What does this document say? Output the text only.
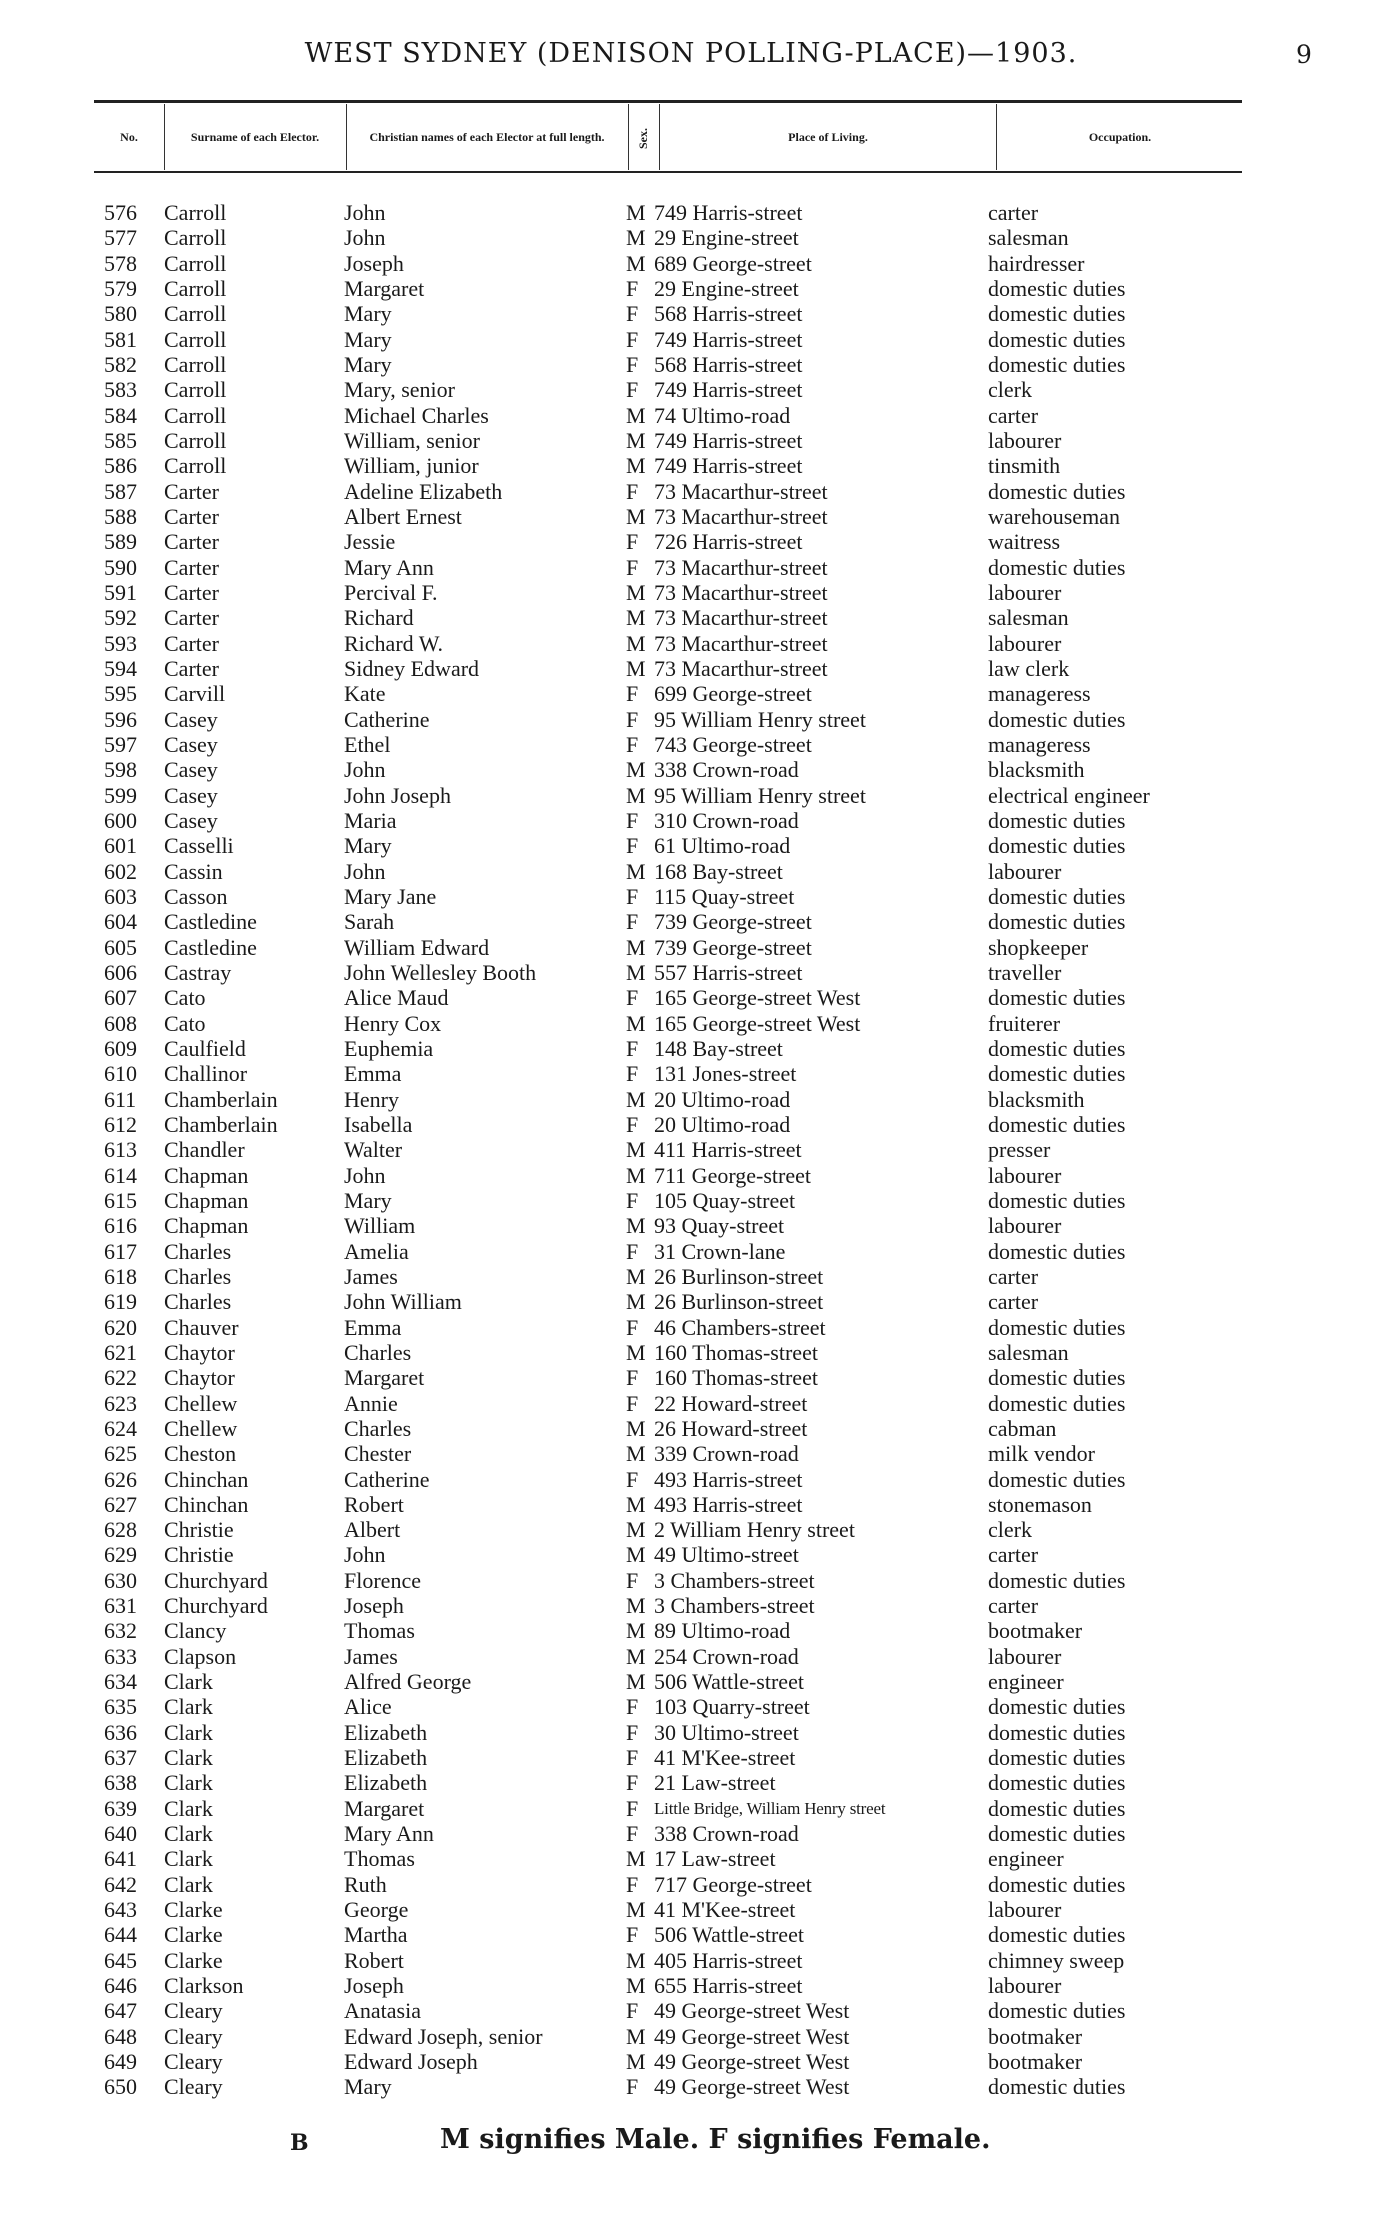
WEST SYDNEY (DENISON POLLING-PLACE)—1903.	9
No.	Surname of each Elector.	Christian names of each Elector at full length.	Sex.	Place of Living.	Occupation.
576 Carroll	John	M 749 Harris-street	carter
577 Carroll	John	M 29 Engine-street	salesman
578 Carroll	Joseph	M 689 George-street	hairdresser
579 Carroll	Margaret	F 29 Engine-street	domestic duties
580 Carroll	Mary	F 568 Harris-street	domestic duties
581 Carroll	Mary	F 749 Harris-street	domestic duties
582 Carroll	Mary	F 568 Harris-street	domestic duties
583 Carroll	Mary, senior	F 749 Harris-street	clerk
584 Carroll	Michael Charles	M 74 Ultimo-road	carter
585 Carroll	William, senior	M 749 Harris-street	labourer
586 Carroll	William, junior	M 749 Harris-street	tinsmith
587 Carter	Adeline Elizabeth	F 73 Macarthur-street	domestic duties
588 Carter	Albert Ernest	M 73 Macarthur-street	warehouseman
589 Carter	Jessie	F 726 Harris-street	waitress
590 Carter	Mary Ann	F 73 Macarthur-street	domestic duties
591 Carter	Percival F.	M 73 Macarthur-street	labourer
592 Carter	Richard	M 73 Macarthur-street	salesman
593 Carter	Richard W.	M 73 Macarthur-street	labourer
594 Carter	Sidney Edward	M 73 Macarthur-street	law clerk
595 Carvill	Kate	F 699 George-street	manageress
596 Casey	Catherine	F 95 William Henry street	domestic duties
597 Casey	Ethel	F 743 George-street	manageress
598 Casey	John	M 338 Crown-road	blacksmith
599 Casey	John Joseph	M 95 William Henry street	electrical engineer
600 Casey	Maria	F 310 Crown-road	domestic duties
601 Casselli	Mary	F 61 Ultimo-road	domestic duties
602 Cassin	John	M 168 Bay-street	labourer
603 Casson	Mary Jane	F 115 Quay-street	domestic duties
604 Castledine	Sarah	F 739 George-street	domestic duties
605 Castledine	William Edward	M 739 George-street	shopkeeper
606 Castray	John Wellesley Booth	M 557 Harris-street	traveller
607 Cato	Alice Maud	F 165 George-street West	domestic duties
608 Cato	Henry Cox	M 165 George-street West	fruiterer
609 Caulfield	Euphemia	F 148 Bay-street	domestic duties
610 Challinor	Emma	F 131 Jones-street	domestic duties
611 Chamberlain	Henry	M 20 Ultimo-road	blacksmith
612 Chamberlain	Isabella	F 20 Ultimo-road	domestic duties
613 Chandler	Walter	M 411 Harris-street	presser
614 Chapman	John	M 711 George-street	labourer
615 Chapman	Mary	F 105 Quay-street	domestic duties
616 Chapman	William	M 93 Quay-street	labourer
617 Charles	Amelia	F 31 Crown-lane	domestic duties
618 Charles	James	M 26 Burlinson-street	carter
619 Charles	John William	M 26 Burlinson-street	carter
620 Chauver	Emma	F 46 Chambers-street	domestic duties
621 Chaytor	Charles	M 160 Thomas-street	salesman
622 Chaytor	Margaret	F 160 Thomas-street	domestic duties
623 Chellew	Annie	F 22 Howard-street	domestic duties
624 Chellew	Charles	M 26 Howard-street	cabman
625 Cheston	Chester	M 339 Crown-road	milk vendor
626 Chinchan	Catherine	F 493 Harris-street	domestic duties
627 Chinchan	Robert	M 493 Harris-street	stonemason
628 Christie	Albert	M 2 William Henry street	clerk
629 Christie	John	M 49 Ultimo-street	carter
630 Churchyard	Florence	F 3 Chambers-street	domestic duties
631 Churchyard	Joseph	M 3 Chambers-street	carter
632 Clancy	Thomas	M 89 Ultimo-road	bootmaker
633 Clapson	James	M 254 Crown-road	labourer
634 Clark	Alfred George	M 506 Wattle-street	engineer
635 Clark	Alice	F 103 Quarry-street	domestic duties
636 Clark	Elizabeth	F 30 Ultimo-street	domestic duties
637 Clark	Elizabeth	F 41 M'Kee-street	domestic duties
638 Clark	Elizabeth	F 21 Law-street	domestic duties
639 Clark	Margaret	F Little Bridge, William Henry street	domestic duties
640 Clark	Mary Ann	F 338 Crown-road	domestic duties
641 Clark	Thomas	M 17 Law-street	engineer
642 Clark	Ruth	F 717 George-street	domestic duties
643 Clarke	George	M 41 M'Kee-street	labourer
644 Clarke	Martha	F 506 Wattle-street	domestic duties
645 Clarke	Robert	M 405 Harris-street	chimney sweep
646 Clarkson	Joseph	M 655 Harris-street	labourer
647 Cleary	Anatasia	F 49 George-street West	domestic duties
648 Cleary	Edward Joseph, senior	M 49 George-street West	bootmaker
649 Cleary	Edward Joseph	M 49 George-street West	bootmaker
650 Cleary	Mary	F 49 George-street West	domestic duties
B	M signifies Male. F signifies Female.
